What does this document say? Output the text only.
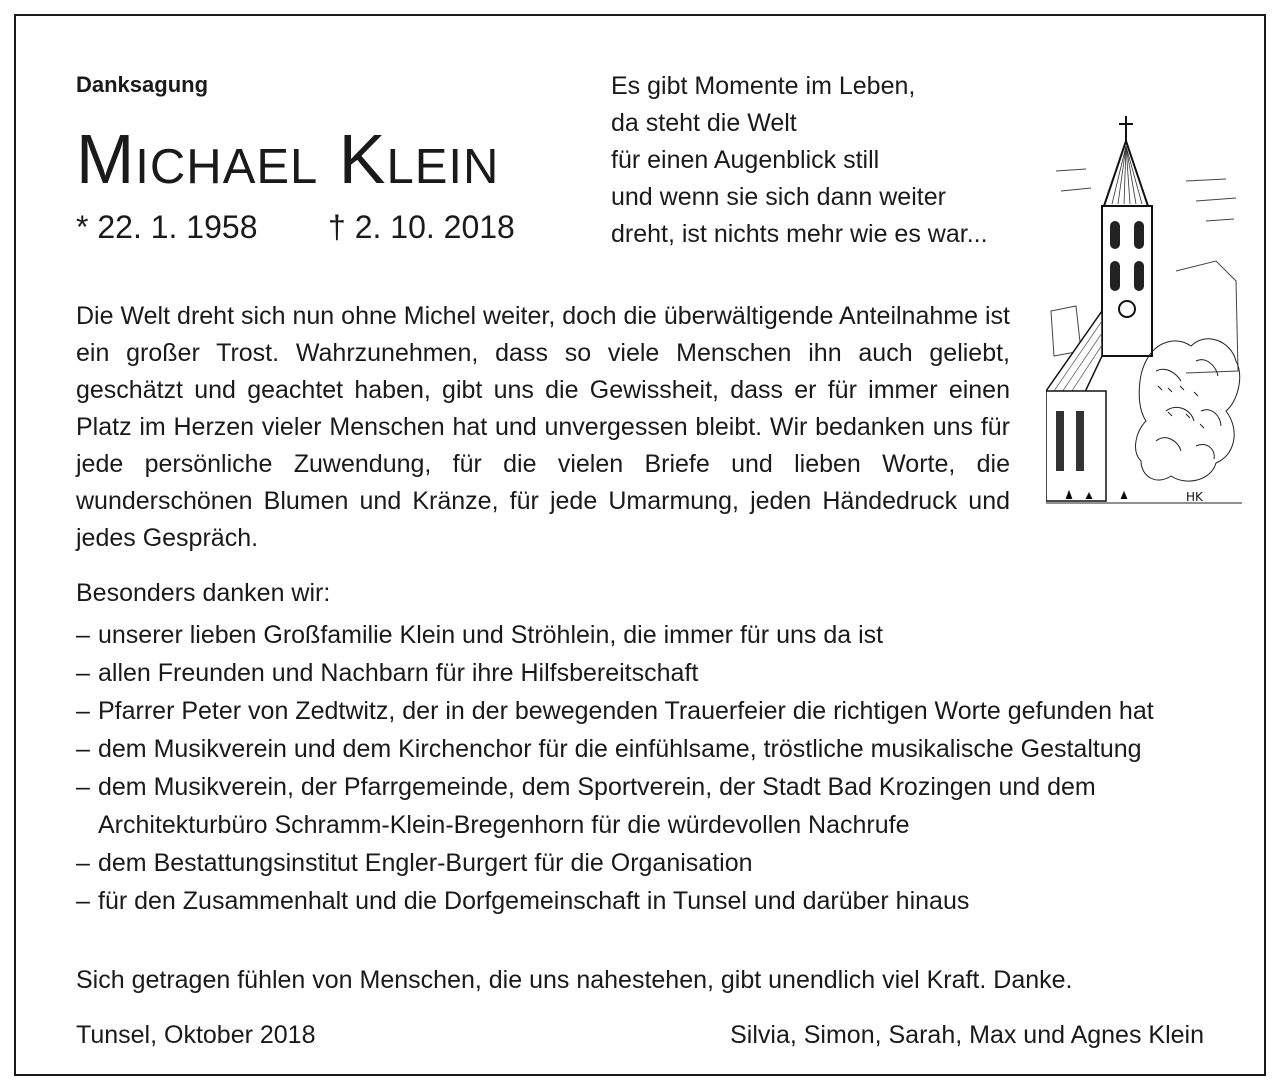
Danksagung
Michael Klein
* 22. 1. 1958 † 2. 10. 2018
Es gibt Momente im Leben,
da steht die Welt
für einen Augenblick still
und wenn sie sich dann weiter
dreht, ist nichts mehr wie es war...
HK
Die Welt dreht sich nun ohne Michel weiter, doch die überwältigende Anteilnahme ist ein großer Trost. Wahrzunehmen, dass so viele Menschen ihn auch geliebt, geschätzt und geachtet haben, gibt uns die Gewissheit, dass er für immer einen Platz im Herzen vieler Menschen hat und unvergessen bleibt. Wir bedanken uns für jede persönliche Zuwendung, für die vielen Briefe und lieben Worte, die wunderschönen Blumen und Kränze, für jede Umarmung, jeden Händedruck und jedes Gespräch.
Besonders danken wir:
– unserer lieben Großfamilie Klein und Ströhlein, die immer für uns da ist
– allen Freunden und Nachbarn für ihre Hilfsbereitschaft
– Pfarrer Peter von Zedtwitz, der in der bewegenden Trauerfeier die richtigen Worte gefunden hat
– dem Musikverein und dem Kirchenchor für die einfühlsame, tröstliche musikalische Gestaltung
– dem Musikverein, der Pfarrgemeinde, dem Sportverein, der Stadt Bad Krozingen und dem Architekturbüro Schramm-Klein-Bregenhorn für die würdevollen Nachrufe
– dem Bestattungsinstitut Engler-Burgert für die Organisation
– für den Zusammenhalt und die Dorfgemeinschaft in Tunsel und darüber hinaus
Sich getragen fühlen von Menschen, die uns nahestehen, gibt unendlich viel Kraft. Danke.
Tunsel, Oktober 2018	Silvia, Simon, Sarah, Max und Agnes Klein
